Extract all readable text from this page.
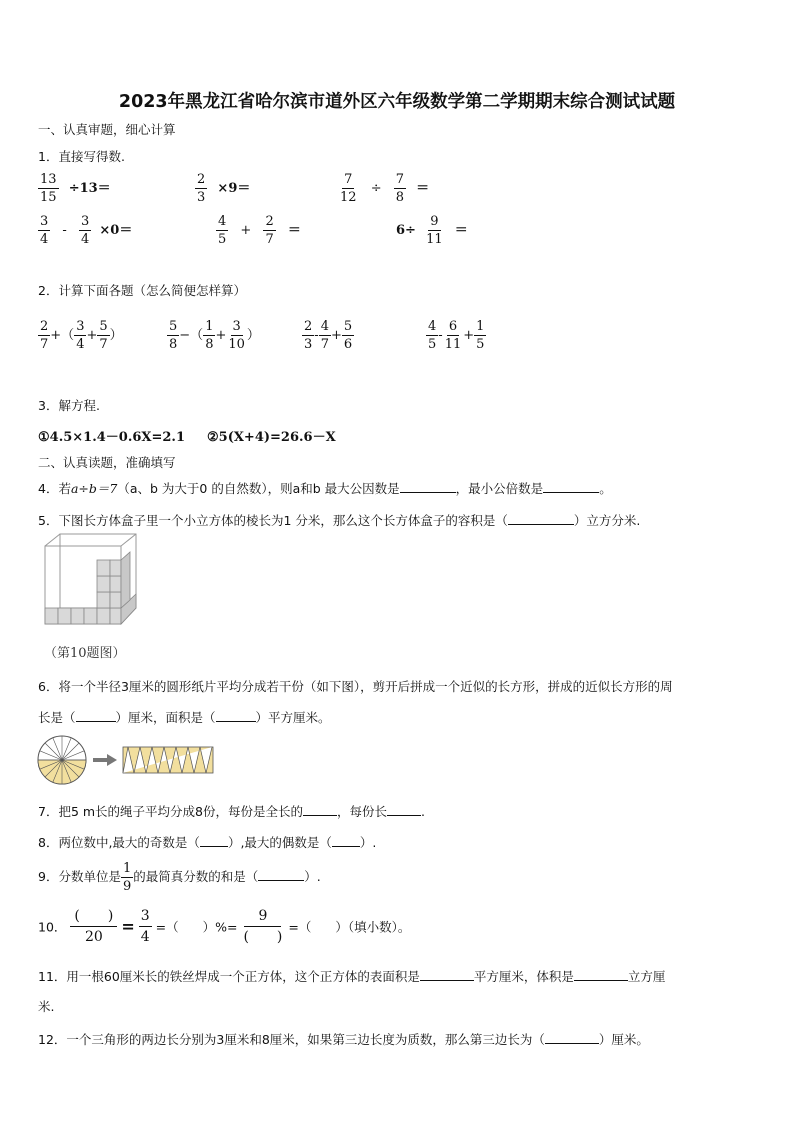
2023年黑龙江省哈尔滨市道外区六年级数学第二学期期末综合测试试题
一、认真审题，细心计算
1．直接写得数.
$\frac{13}{15} \div 13=$	$\frac{2}{3} \times 9=$	$\frac{7}{12} \div \frac{7}{8}$ ＝
$\frac{3}{4} - \frac{3}{4} \times 0=$	$\frac{4}{5} + \frac{2}{7}$ ＝	$6\div \frac{9}{11}$ ＝
2．计算下面各题（怎么简便怎样算）
$\frac{2}{7}$ +（ $\frac{3}{4} + \frac{5}{7}$ ）	$\frac{5}{8}$ −（ $\frac{1}{8} + \frac{3}{10}$ ）	$\frac{2}{3} - \frac{4}{7} + \frac{5}{6}$	$\frac{4}{5} - \frac{6}{11} + \frac{1}{5}$
3．解方程.
①4.5×1.4－0.6X=2.1 ②5(X+4)=26.6－X
二、认真读题，准确填写
4．若a÷b＝7（a、b 为大于0 的自然数），则a和b 最大公因数是	，最小公倍数是	。
5．下图长方体盒子里一个小立方体的棱长为1 分米，那么这个长方体盒子的容积是（	）立方分米.
（第10题图）
6．将一个半径3厘米的圆形纸片平均分成若干份（如下图），剪开后拼成一个近似的长方形，拼成的近似长方形的周
长是（	）厘米，面积是（	）平方厘米。
7．把5 m长的绳子平均分成8份，每份是全长的	，每份长	.
8．两位数中,最大的奇数是（ ）,最大的偶数是（ ）.
9．分数单位是 $\frac{1}{9}$ 的最简真分数的和是（	）.
10． $\frac{( )}{20} = \frac{3}{4}$ =（ ）%= $\frac{9}{( )}$ =（ ）（填小数）。
11．用一根60厘米长的铁丝焊成一个正方体，这个正方体的表面积是	平方厘米，体积是	立方厘
米.
12．一个三角形的两边长分别为3厘米和8厘米，如果第三边长度为质数，那么第三边长为（	）厘米。
